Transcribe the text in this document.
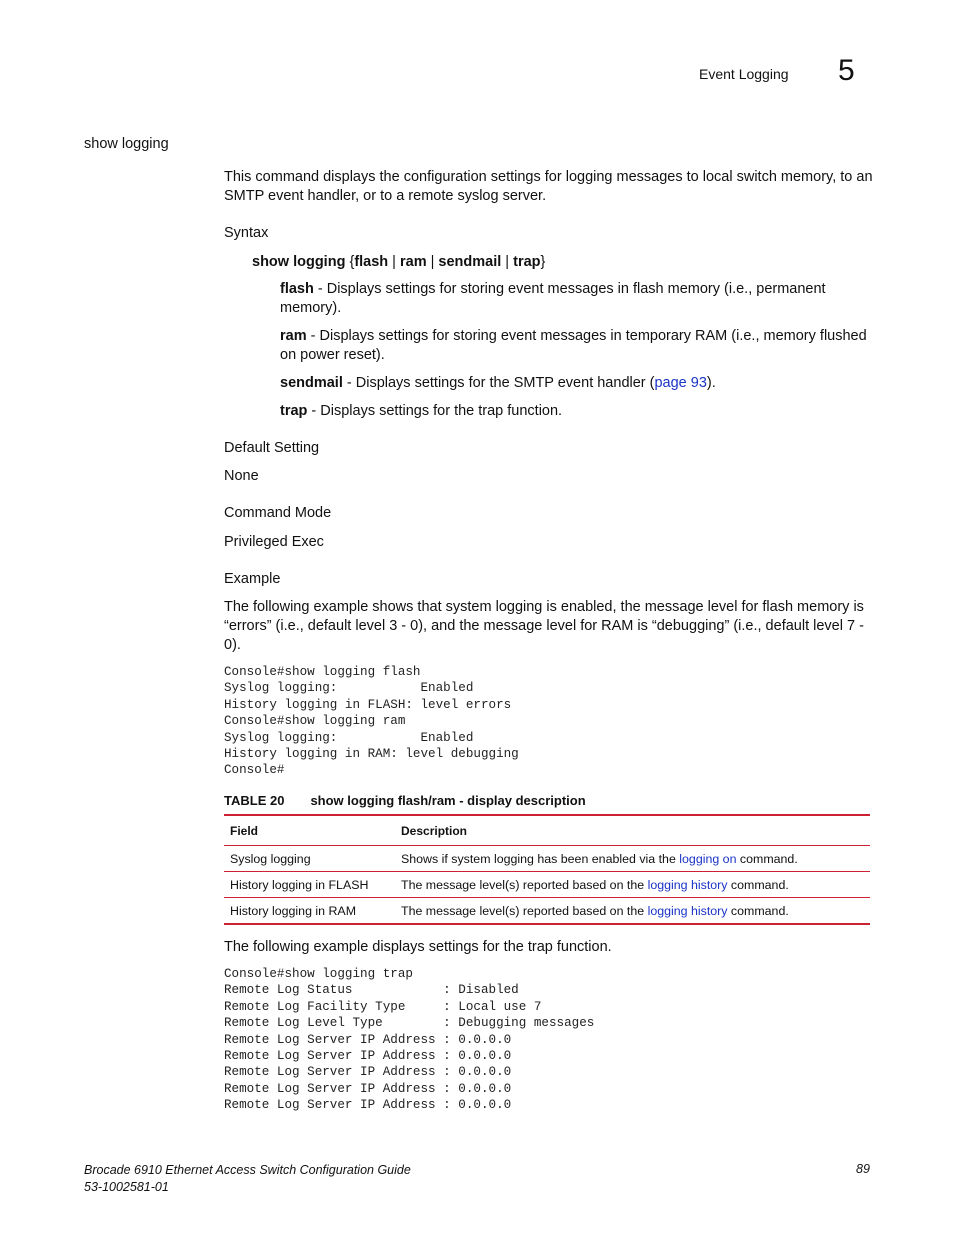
Event Logging 5
show logging
This command displays the configuration settings for logging messages to local switch memory, to an SMTP event handler, or to a remote syslog server.
Syntax
show logging {flash | ram | sendmail | trap}
flash - Displays settings for storing event messages in flash memory (i.e., permanent memory).
ram - Displays settings for storing event messages in temporary RAM (i.e., memory flushed on power reset).
sendmail - Displays settings for the SMTP event handler (page 93).
trap - Displays settings for the trap function.
Default Setting
None
Command Mode
Privileged Exec
Example
The following example shows that system logging is enabled, the message level for flash memory is “errors” (i.e., default level 3 - 0), and the message level for RAM is “debugging” (i.e., default level 7 - 0).
Console#show logging flash
Syslog logging:           Enabled
History logging in FLASH: level errors
Console#show logging ram
Syslog logging:           Enabled
History logging in RAM: level debugging
Console#
TABLE 20 show logging flash/ram - display description
Field	Description
Syslog logging	Shows if system logging has been enabled via the logging on command.
History logging in FLASH	The message level(s) reported based on the logging history command.
History logging in RAM	The message level(s) reported based on the logging history command.
The following example displays settings for the trap function.
Console#show logging trap
Remote Log Status            : Disabled
Remote Log Facility Type     : Local use 7
Remote Log Level Type        : Debugging messages
Remote Log Server IP Address : 0.0.0.0
Remote Log Server IP Address : 0.0.0.0
Remote Log Server IP Address : 0.0.0.0
Remote Log Server IP Address : 0.0.0.0
Remote Log Server IP Address : 0.0.0.0
Brocade 6910 Ethernet Access Switch Configuration Guide
53-1002581-01
89
